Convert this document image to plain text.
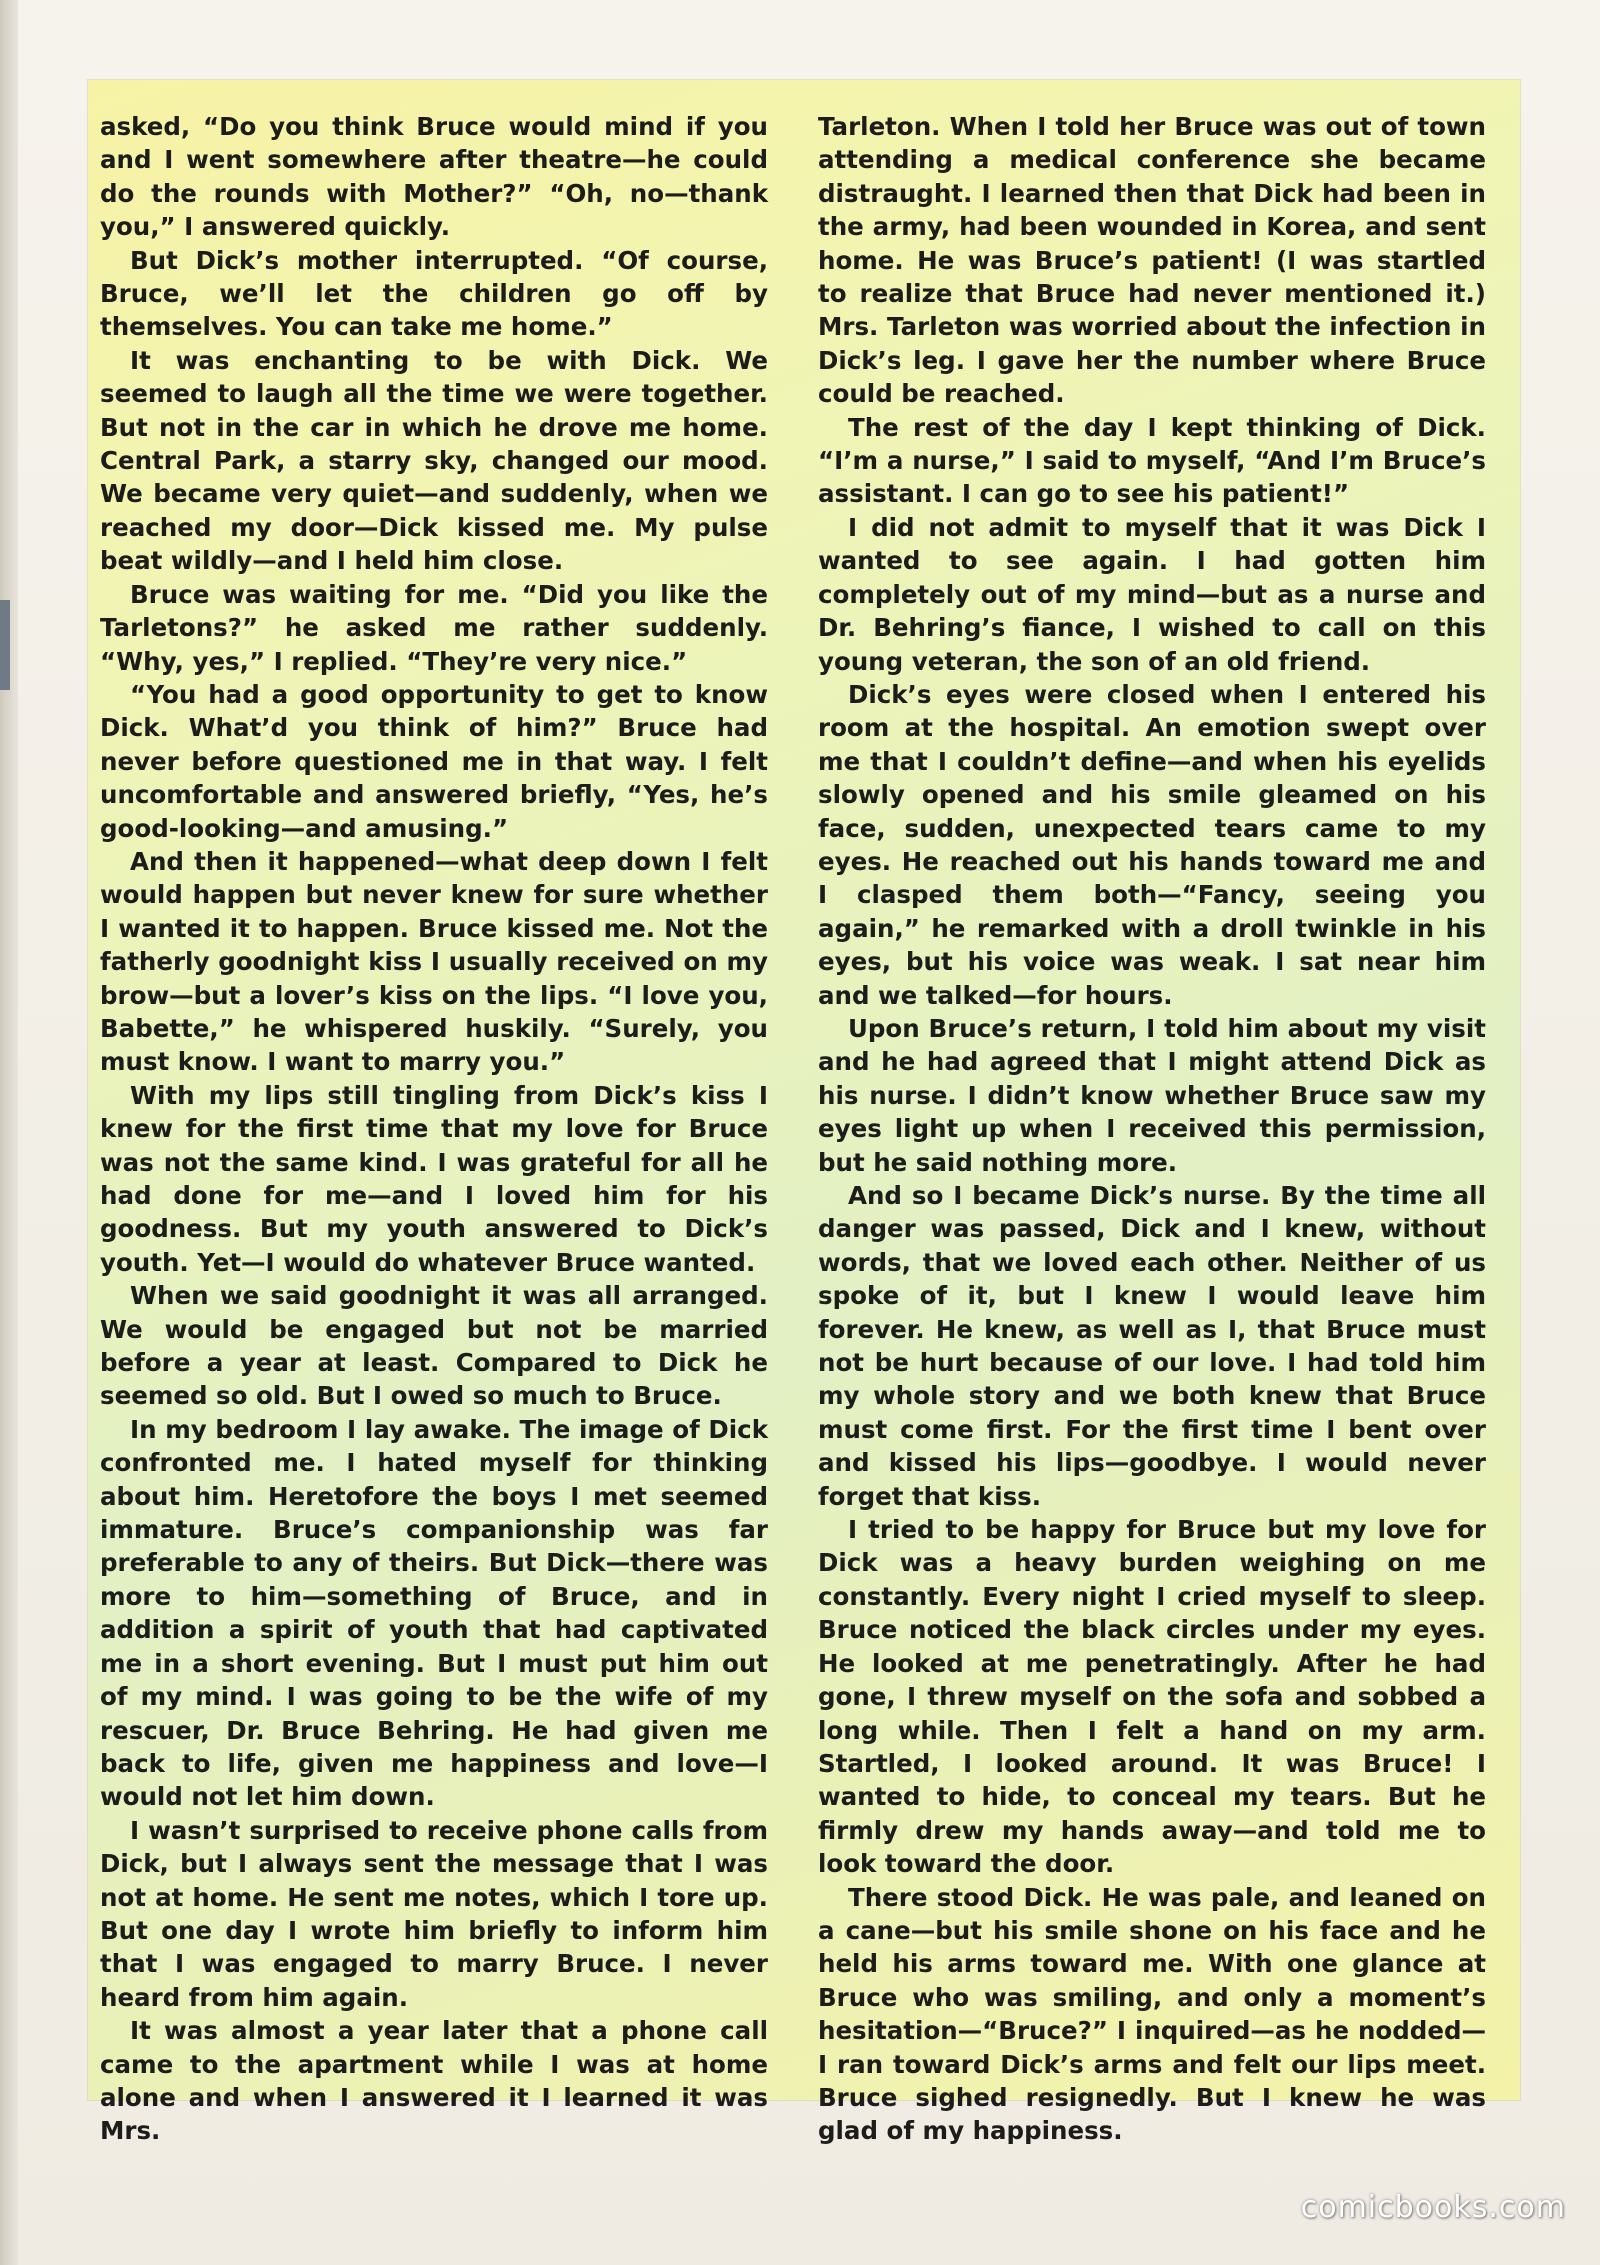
asked, “Do you think Bruce would mind if you and I went somewhere after theatre—he could do the rounds with Mother?” “Oh, no—thank you,” I answered quickly.

But Dick’s mother interrupted. “Of course, Bruce, we’ll let the children go off by themselves. You can take me home.”

It was enchanting to be with Dick. We seemed to laugh all the time we were together. But not in the car in which he drove me home. Central Park, a starry sky, changed our mood. We became very quiet—and suddenly, when we reached my door—Dick kissed me. My pulse beat wildly—and I held him close.

Bruce was waiting for me. “Did you like the Tarletons?” he asked me rather suddenly. “Why, yes,” I replied. “They’re very nice.”

“You had a good opportunity to get to know Dick. What’d you think of him?” Bruce had never before questioned me in that way. I felt uncomfortable and answered briefly, “Yes, he’s good-looking—and amusing.”

And then it happened—what deep down I felt would happen but never knew for sure whether I wanted it to happen. Bruce kissed me. Not the fatherly goodnight kiss I usually received on my brow—but a lover’s kiss on the lips. “I love you, Babette,” he whispered huskily. “Surely, you must know. I want to marry you.”

With my lips still tingling from Dick’s kiss I knew for the first time that my love for Bruce was not the same kind. I was grateful for all he had done for me—and I loved him for his goodness. But my youth answered to Dick’s youth. Yet—I would do whatever Bruce wanted.

When we said goodnight it was all arranged. We would be engaged but not be married before a year at least. Compared to Dick he seemed so old. But I owed so much to Bruce.

In my bedroom I lay awake. The image of Dick confronted me. I hated myself for thinking about him. Heretofore the boys I met seemed immature. Bruce’s companionship was far preferable to any of theirs. But Dick—there was more to him—something of Bruce, and in addition a spirit of youth that had captivated me in a short evening. But I must put him out of my mind. I was going to be the wife of my rescuer, Dr. Bruce Behring. He had given me back to life, given me happiness and love—I would not let him down.

I wasn’t surprised to receive phone calls from Dick, but I always sent the message that I was not at home. He sent me notes, which I tore up. But one day I wrote him briefly to inform him that I was engaged to marry Bruce. I never heard from him again.

It was almost a year later that a phone call came to the apartment while I was at home alone and when I answered it I learned it was Mrs.

Tarleton. When I told her Bruce was out of town attending a medical conference she became distraught. I learned then that Dick had been in the army, had been wounded in Korea, and sent home. He was Bruce’s patient! (I was startled to realize that Bruce had never mentioned it.) Mrs. Tarleton was worried about the infection in Dick’s leg. I gave her the number where Bruce could be reached.

The rest of the day I kept thinking of Dick. “I’m a nurse,” I said to myself, “And I’m Bruce’s assistant. I can go to see his patient!”

I did not admit to myself that it was Dick I wanted to see again. I had gotten him completely out of my mind—but as a nurse and Dr. Behring’s fiance, I wished to call on this young veteran, the son of an old friend.

Dick’s eyes were closed when I entered his room at the hospital. An emotion swept over me that I couldn’t define—and when his eyelids slowly opened and his smile gleamed on his face, sudden, unexpected tears came to my eyes. He reached out his hands toward me and I clasped them both—“Fancy, seeing you again,” he remarked with a droll twinkle in his eyes, but his voice was weak. I sat near him and we talked—for hours.

Upon Bruce’s return, I told him about my visit and he had agreed that I might attend Dick as his nurse. I didn’t know whether Bruce saw my eyes light up when I received this permission, but he said nothing more.

And so I became Dick’s nurse. By the time all danger was passed, Dick and I knew, without words, that we loved each other. Neither of us spoke of it, but I knew I would leave him forever. He knew, as well as I, that Bruce must not be hurt because of our love. I had told him my whole story and we both knew that Bruce must come first. For the first time I bent over and kissed his lips—goodbye. I would never forget that kiss.

I tried to be happy for Bruce but my love for Dick was a heavy burden weighing on me constantly. Every night I cried myself to sleep. Bruce noticed the black circles under my eyes. He looked at me penetratingly. After he had gone, I threw myself on the sofa and sobbed a long while. Then I felt a hand on my arm. Startled, I looked around. It was Bruce! I wanted to hide, to conceal my tears. But he firmly drew my hands away—and told me to look toward the door.

There stood Dick. He was pale, and leaned on a cane—but his smile shone on his face and he held his arms toward me. With one glance at Bruce who was smiling, and only a moment’s hesitation—“Bruce?” I inquired—as he nodded—I ran toward Dick’s arms and felt our lips meet. Bruce sighed resignedly. But I knew he was glad of my happiness.

comicbooks.com
